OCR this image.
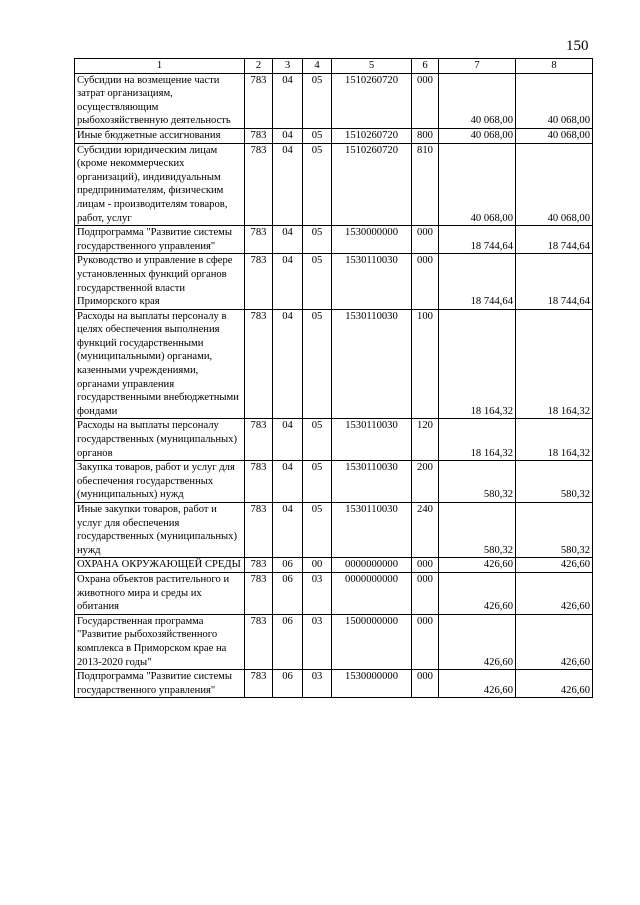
150
1	2	3	4	5	6	7	8
Субсидии на возмещение части затрат организациям, осуществляющим рыбохозяйственную деятельность	783	04	05	1510260720	000	40 068,00	40 068,00
Иные бюджетные ассигнования	783	04	05	1510260720	800	40 068,00	40 068,00
Субсидии юридическим лицам (кроме некоммерческих организаций), индивидуальным предпринимателям, физическим лицам - производителям товаров, работ, услуг	783	04	05	1510260720	810	40 068,00	40 068,00
Подпрограмма "Развитие системы государственного управления"	783	04	05	1530000000	000	18 744,64	18 744,64
Руководство и управление в сфере установленных функций органов государственной власти Приморского края	783	04	05	1530110030	000	18 744,64	18 744,64
Расходы на выплаты персоналу в целях обеспечения выполнения функций государственными (муниципальными) органами, казенными учреждениями, органами управления государственными внебюджетными фондами	783	04	05	1530110030	100	18 164,32	18 164,32
Расходы на выплаты персоналу государственных (муниципальных) органов	783	04	05	1530110030	120	18 164,32	18 164,32
Закупка товаров, работ и услуг для обеспечения государственных (муниципальных) нужд	783	04	05	1530110030	200	580,32	580,32
Иные закупки товаров, работ и услуг для обеспечения государственных (муниципальных) нужд	783	04	05	1530110030	240	580,32	580,32
ОХРАНА ОКРУЖАЮЩЕЙ СРЕДЫ	783	06	00	0000000000	000	426,60	426,60
Охрана объектов растительного и животного мира и среды их обитания	783	06	03	0000000000	000	426,60	426,60
Государственная программа "Развитие рыбохозяйственного комплекса в Приморском крае на 2013-2020 годы"	783	06	03	1500000000	000	426,60	426,60
Подпрограмма "Развитие системы государственного управления"	783	06	03	1530000000	000	426,60	426,60
